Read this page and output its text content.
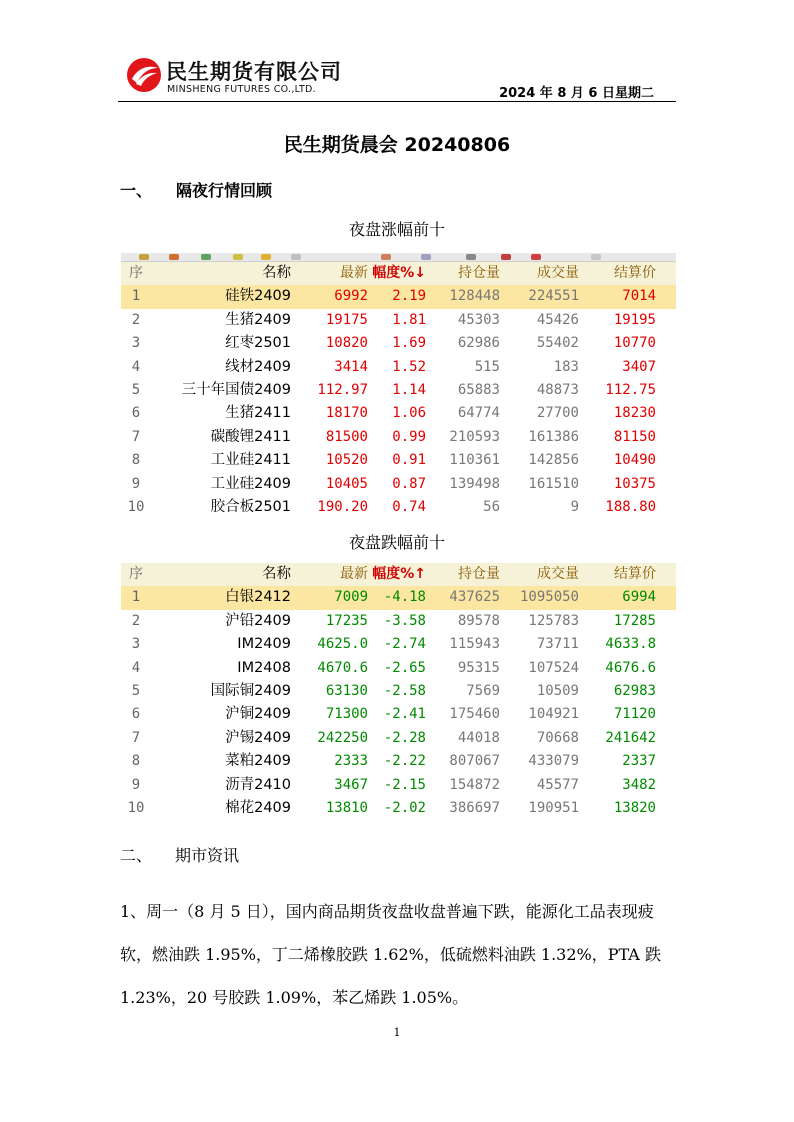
民生期货有限公司
MINSHENG FUTURES CO.,LTD.	2024 年 8 月 6 日星期二
民生期货晨会 20240806
一、 隔夜行情回顾
夜盘涨幅前十
序	名称	最新 幅度%↓	持仓量	成交量	结算价
1	硅铁2409	6992	2.19	128448	224551	7014
2	生猪2409	19175	1.81	45303	45426	19195
3	红枣2501	10820	1.69	62986	55402	10770
4	线材2409	3414	1.52	515	183	3407
5	三十年国债2409	112.97	1.14	65883	48873	112.75
6	生猪2411	18170	1.06	64774	27700	18230
7	碳酸锂2411	81500	0.99	210593	161386	81150
8	工业硅2411	10520	0.91	110361	142856	10490
9	工业硅2409	10405	0.87	139498	161510	10375
10	胶合板2501	190.20	0.74	56	9	188.80
夜盘跌幅前十
序	名称	最新 幅度%↑	持仓量	成交量	结算价
1	白银2412	7009	-4.18	437625	1095050	6994
2	沪铅2409	17235	-3.58	89578	125783	17285
3	IM2409	4625.0	-2.74	115943	73711	4633.8
4	IM2408	4670.6	-2.65	95315	107524	4676.6
5	国际铜2409	63130	-2.58	7569	10509	62983
6	沪铜2409	71300	-2.41	175460	104921	71120
7	沪锡2409	242250	-2.28	44018	70668	241642
8	菜粕2409	2333	-2.22	807067	433079	2337
9	沥青2410	3467	-2.15	154872	45577	3482
10	棉花2409	13810	-2.02	386697	190951	13820
二、 期市资讯
1、周一（8 月 5 日），国内商品期货夜盘收盘普遍下跌，能源化工品表现疲软，燃油跌 1.95%，丁二烯橡胶跌 1.62%，低硫燃料油跌 1.32%，PTA 跌 1.23%，20 号胶跌 1.09%，苯乙烯跌 1.05%。
1
